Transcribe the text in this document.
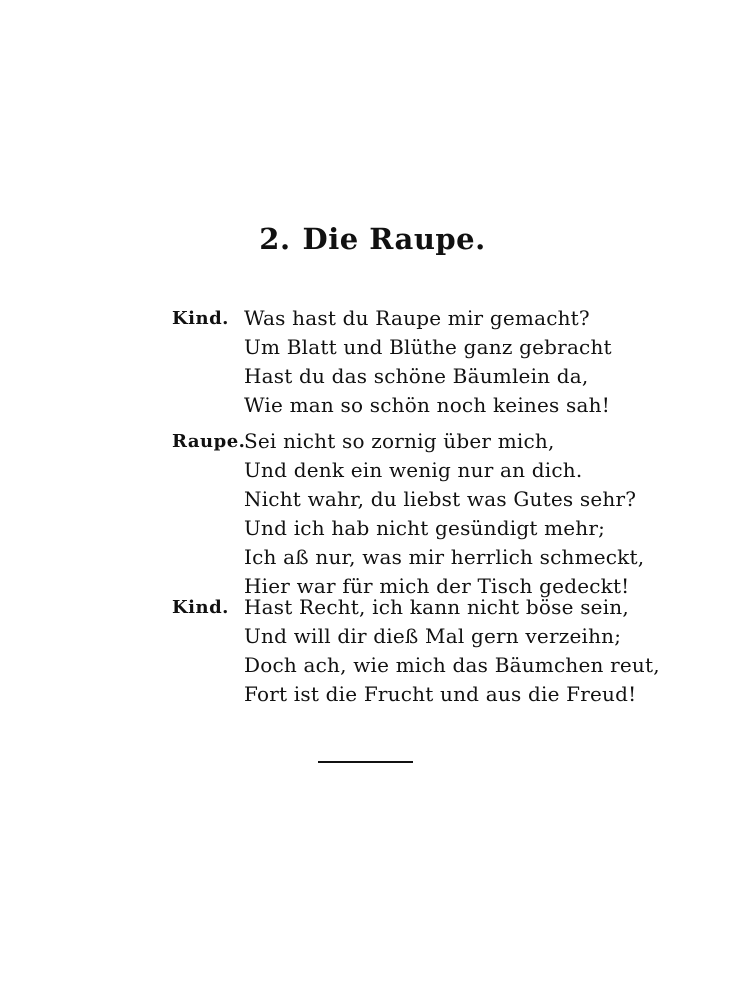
2. Die Raupe.
Kind. Was hast du Raupe mir gemacht?
Um Blatt und Blüthe ganz gebracht
Hast du das schöne Bäumlein da,
Wie man so schön noch keines sah!
Raupe.
Sei nicht so zornig über mich,
Und denk ein wenig nur an dich.
Nicht wahr, du liebst was Gutes sehr?
Und ich hab nicht gesündigt mehr;
Ich aß nur, was mir herrlich schmeckt,
Hier war für mich der Tisch gedeckt!
Kind. Hast Recht, ich kann nicht böse sein,
Und will dir dieß Mal gern verzeihn;
Doch ach, wie mich das Bäumchen reut,
Fort ist die Frucht und aus die Freud!
